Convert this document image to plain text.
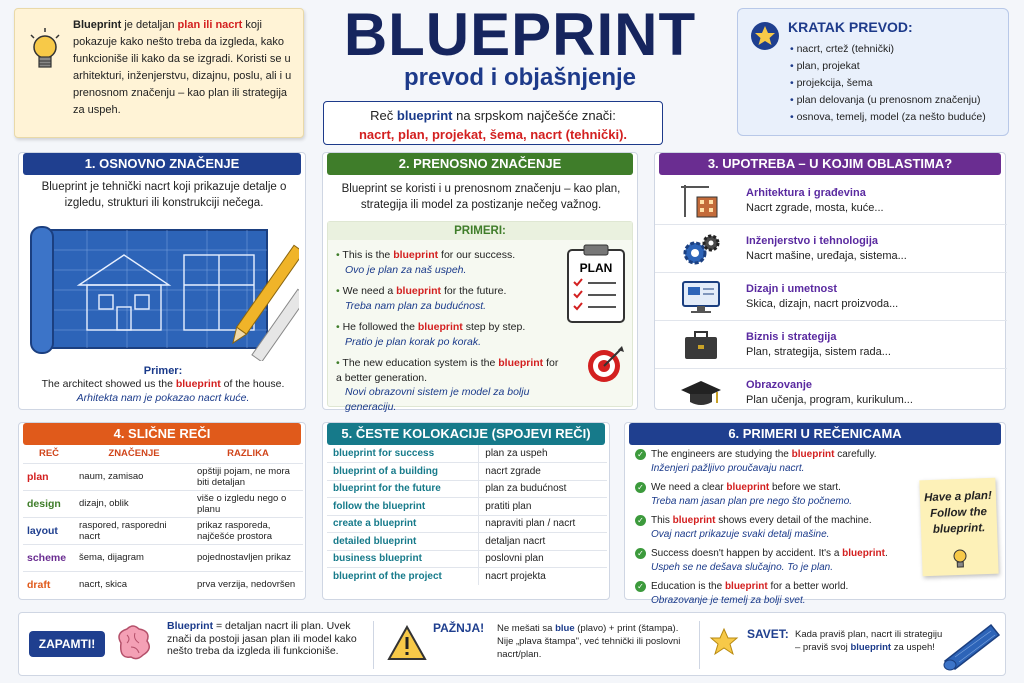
Blueprint je detaljan plan ili nacrt koji pokazuje kako nešto treba da izgleda, kako funkcioniše ili kako da se izgradi. Koristi se u arhitekturi, inženjerstvu, dizajnu, poslu, ali i u prenosnom značenju – kao plan ili strategija za uspeh.
BLUEPRINT
prevod i objašnjenje
Reč blueprint na srpskom najčešće znači:
nacrt, plan, projekat, šema, nacrt (tehnički).
KRATAK PREVOD:
• nacrt, crtež (tehnički)
• plan, projekat
• projekcija, šema
• plan delovanja (u prenosnom značenju)
• osnova, temelj, model (za nešto buduće)
1. OSNOVNO ZNAČENJE
Blueprint je tehnički nacrt koji prikazuje detalje o izgledu, strukturi ili konstrukciji nečega.
Primer:
The architect showed us the blueprint of the house.
Arhitekta nam je pokazao nacrt kuće.
2. PRENOSNO ZNAČENJE
Blueprint se koristi i u prenosnom značenju – kao plan, strategija ili model za postizanje nečeg važnog.
PRIMERI:
• This is the blueprint for our success.
Ovo je plan za naš uspeh.
• We need a blueprint for the future.
Treba nam plan za budućnost.
• He followed the blueprint step by step.
Pratio je plan korak po korak.
• The new education system is the blueprint for a better generation.
Novi obrazovni sistem je model za bolju generaciju.
PLAN
3. UPOTREBA – U KOJIM OBLASTIMA?
Arhitektura i građevina
Nacrt zgrade, mosta, kuće...
Inženjerstvo i tehnologija
Nacrt mašine, uređaja, sistema...
Dizajn i umetnost
Skica, dizajn, nacrt proizvoda...
Biznis i strategija
Plan, strategija, sistem rada...
Obrazovanje
Plan učenja, program, kurikulum...
4. SLIČNE REČI
REČ	ZNAČENJE	RAZLIKA
plan	naum, zamisao	opštiji pojam, ne mora biti detaljan
design	dizajn, oblik	više o izgledu nego o planu
layout	raspored, rasporedni nacrt	prikaz rasporeda, najčešće prostora
scheme	šema, dijagram	pojednostavljen prikaz
draft	nacrt, skica	prva verzija, nedovršen
5. ČESTE KOLOKACIJE (SPOJEVI REČI)
blueprint for success	plan za uspeh
blueprint of a building	nacrt zgrade
blueprint for the future	plan za budućnost
follow the blueprint	pratiti plan
create a blueprint	napraviti plan / nacrt
detailed blueprint	detaljan nacrt
business blueprint	poslovni plan
blueprint of the project	nacrt projekta
6. PRIMERI U REČENICAMA
✓ The engineers are studying the blueprint carefully.
Inženjeri pažljivo proučavaju nacrt.
✓ We need a clear blueprint before we start.
Treba nam jasan plan pre nego što počnemo.
✓ This blueprint shows every detail of the machine.
Ovaj nacrt prikazuje svaki detalj mašine.
✓ Success doesn't happen by accident. It's a blueprint.
Uspeh se ne dešava slučajno. To je plan.
✓ Education is the blueprint for a better world.
Obrazovanje je temelj za bolji svet.
Have a plan! Follow the blueprint.
ZAPAMTI!
Blueprint = detaljan nacrt ili plan. Uvek znači da postoji jasan plan ili model kako nešto treba da izgleda ili funkcioniše.
PAŽNJA! Ne mešati sa blue (plavo) + print (štampa). Nije „plava štampa", već tehnički ili poslovni nacrt/plan.
SAVET: Kada praviš plan, nacrt ili strategiju – praviš svoj blueprint za uspeh!
